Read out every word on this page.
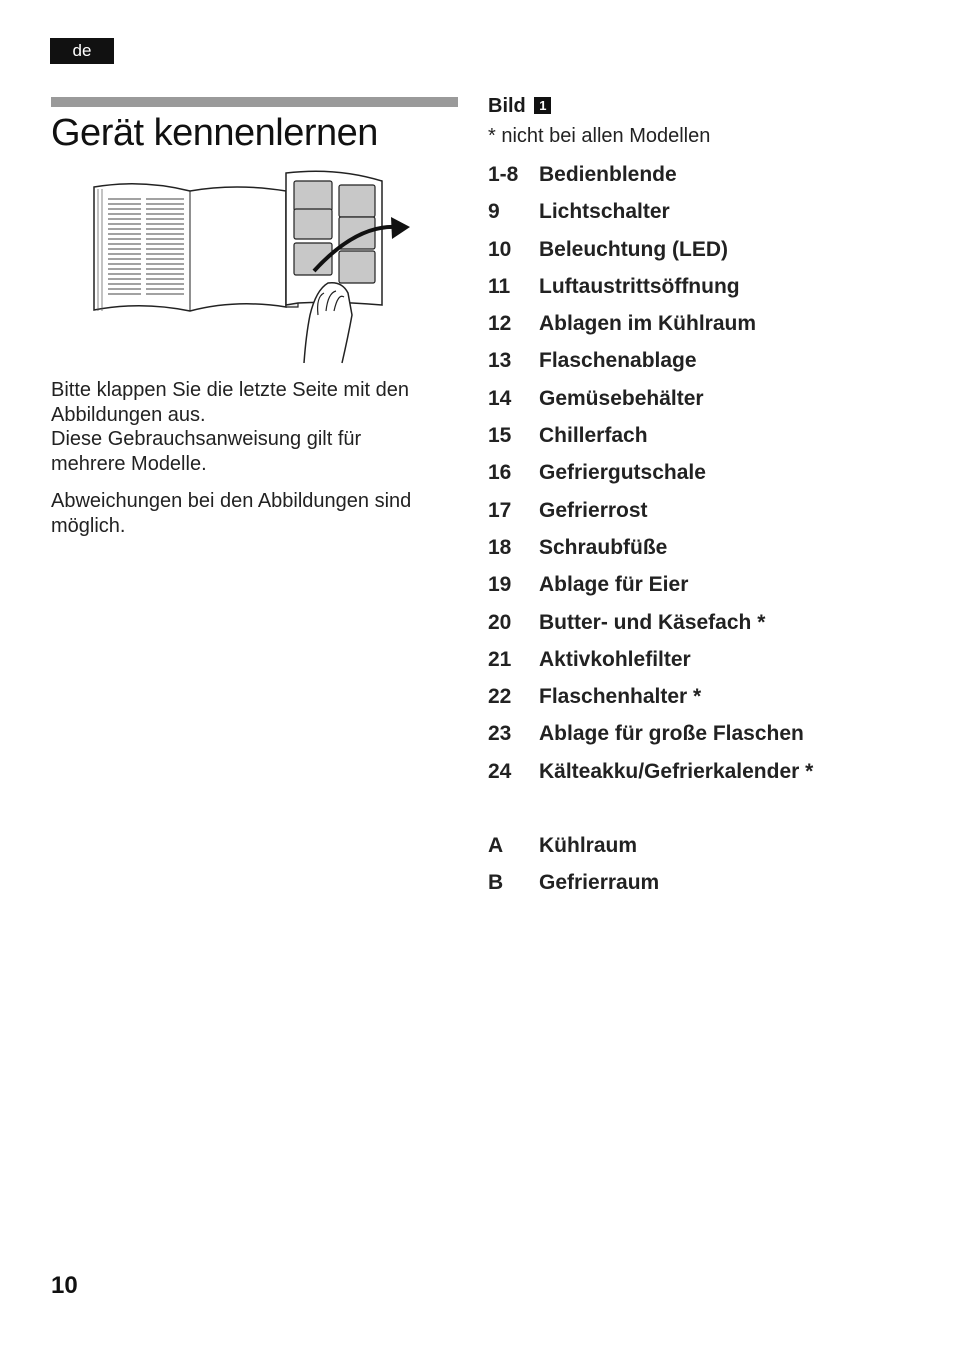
de
Gerät kennenlernen

Bitte klappen Sie die letzte Seite mit den
Abbildungen aus.
Diese Gebrauchsanweisung gilt für
mehrere Modelle.

Abweichungen bei den Abbildungen sind
möglich.

Bild 1
* nicht bei allen Modellen
1-8 Bedienblende
9 Lichtschalter
10 Beleuchtung (LED)
11 Luftaustrittsöffnung
12 Ablagen im Kühlraum
13 Flaschenablage
14 Gemüsebehälter
15 Chillerfach
16 Gefriergutschale
17 Gefrierrost
18 Schraubfüße
19 Ablage für Eier
20 Butter- und Käsefach *
21 Aktivkohlefilter
22 Flaschenhalter *
23 Ablage für große Flaschen
24 Kälteakku/Gefrierkalender *
A Kühlraum
B Gefrierraum
10
